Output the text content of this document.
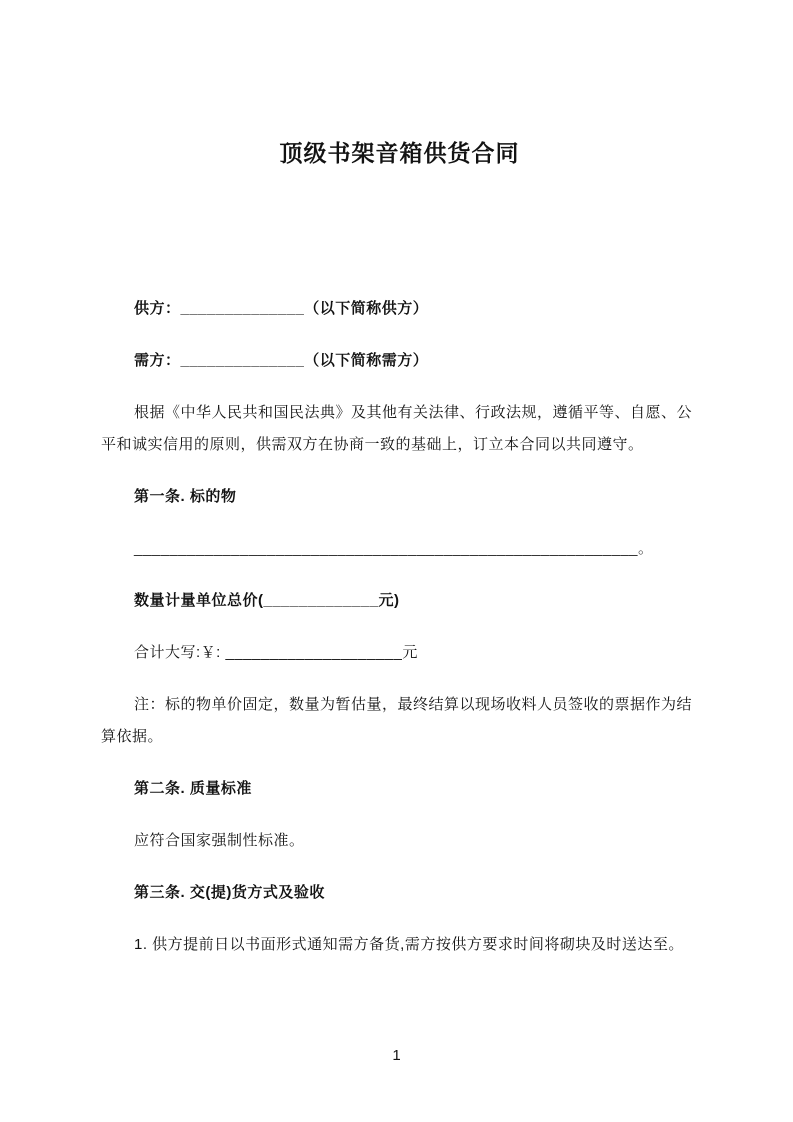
顶级书架音箱供货合同

供方：______________（以下简称供方）

需方：______________（以下简称需方）

根据《中华人民共和国民法典》及其他有关法律、行政法规，遵循平等、自愿、公平和诚实信用的原则，供需双方在协商一致的基础上，订立本合同以共同遵守。

第一条. 标的物

_________________________________________________________。

数量计量单位总价(_____________元)

合计大写:￥: ____________________元

注：标的物单价固定，数量为暂估量，最终结算以现场收料人员签收的票据作为结算依据。

第二条. 质量标准

应符合国家强制性标准。

第三条. 交(提)货方式及验收

1. 供方提前日以书面形式通知需方备货,需方按供方要求时间将砌块及时送达至。

1
